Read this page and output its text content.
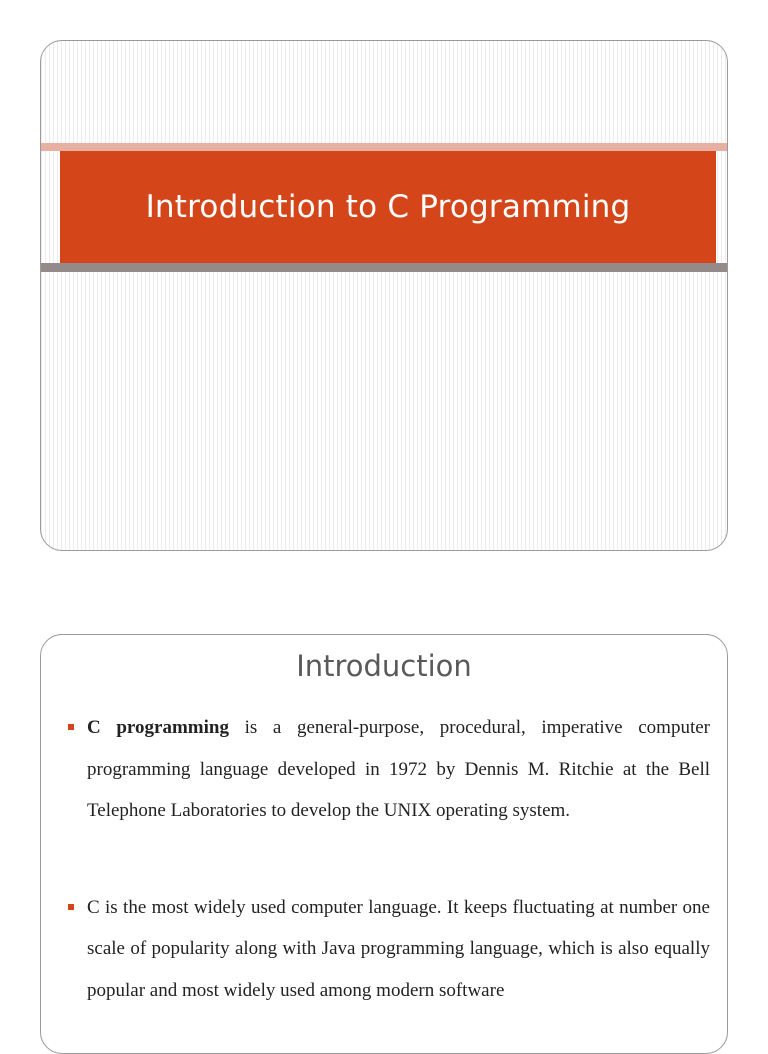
Introduction to C Programming
Introduction
C programming is a general-purpose, procedural, imperative computer programming language developed in 1972 by Dennis M. Ritchie at the Bell Telephone Laboratories to develop the UNIX operating system.
C is the most widely used computer language. It keeps fluctuating at number one scale of popularity along with Java programming language, which is also equally popular and most widely used among modern software
